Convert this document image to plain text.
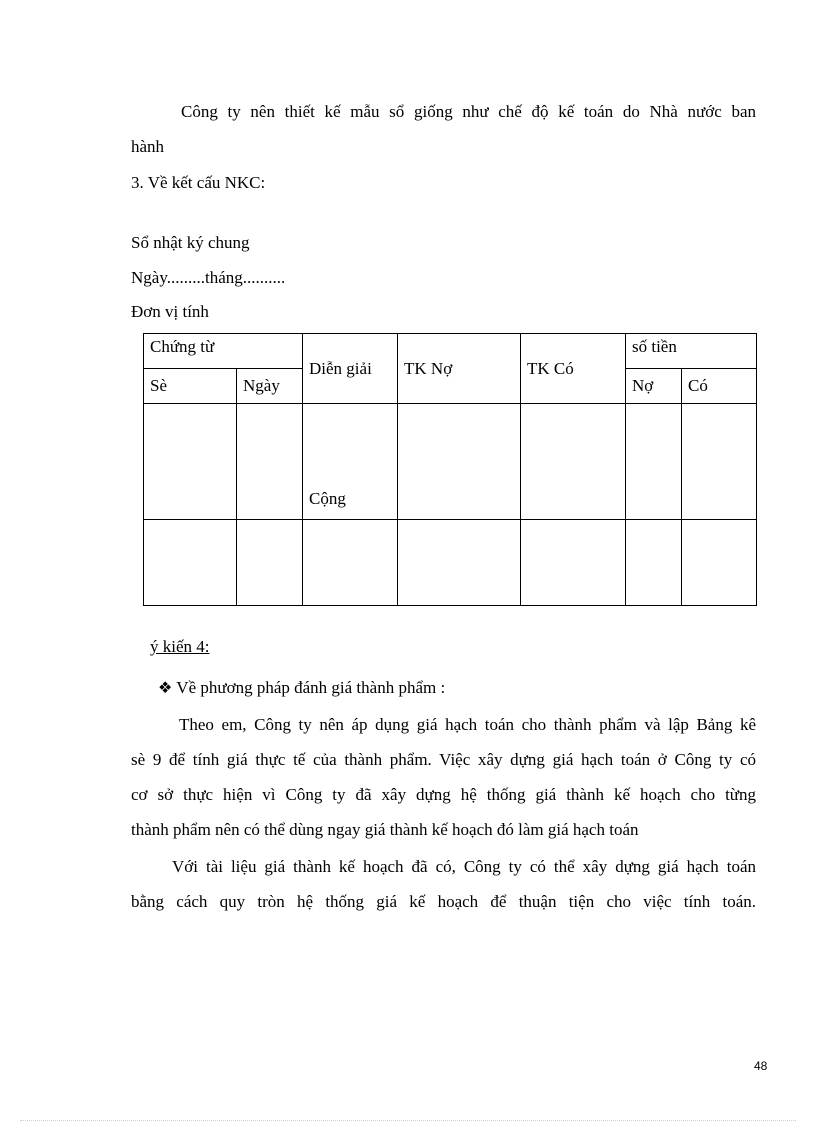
Công ty nên thiết kế mẫu sổ giống như chế độ kế toán do Nhà nước ban
hành
3. Về kết cấu NKC:
Sổ nhật ký chung
Ngày.........tháng..........
Đơn vị tính
Chứng từ		Diễn giải	TK Nợ	TK Có	số tiền	
Sè	Ngày				Nợ	Có
		Cộng				

ý kiến 4:
❖ Về phương pháp đánh giá thành phẩm :
Theo em, Công ty nên áp dụng giá hạch toán cho thành phẩm và lập Bảng kê
sè 9 để tính giá thực tế của thành phẩm. Việc xây dựng giá hạch toán ở Công ty có
cơ sở thực hiện vì Công ty đã xây dựng hệ thống giá thành kế hoạch cho từng
thành phẩm nên có thể dùng ngay giá thành kế hoạch đó làm giá hạch toán
Với tài liệu giá thành kế hoạch đã có, Công ty có thể xây dựng giá hạch toán
bằng cách quy tròn hệ thống giá kế hoạch để thuận tiện cho việc tính toán.
48
